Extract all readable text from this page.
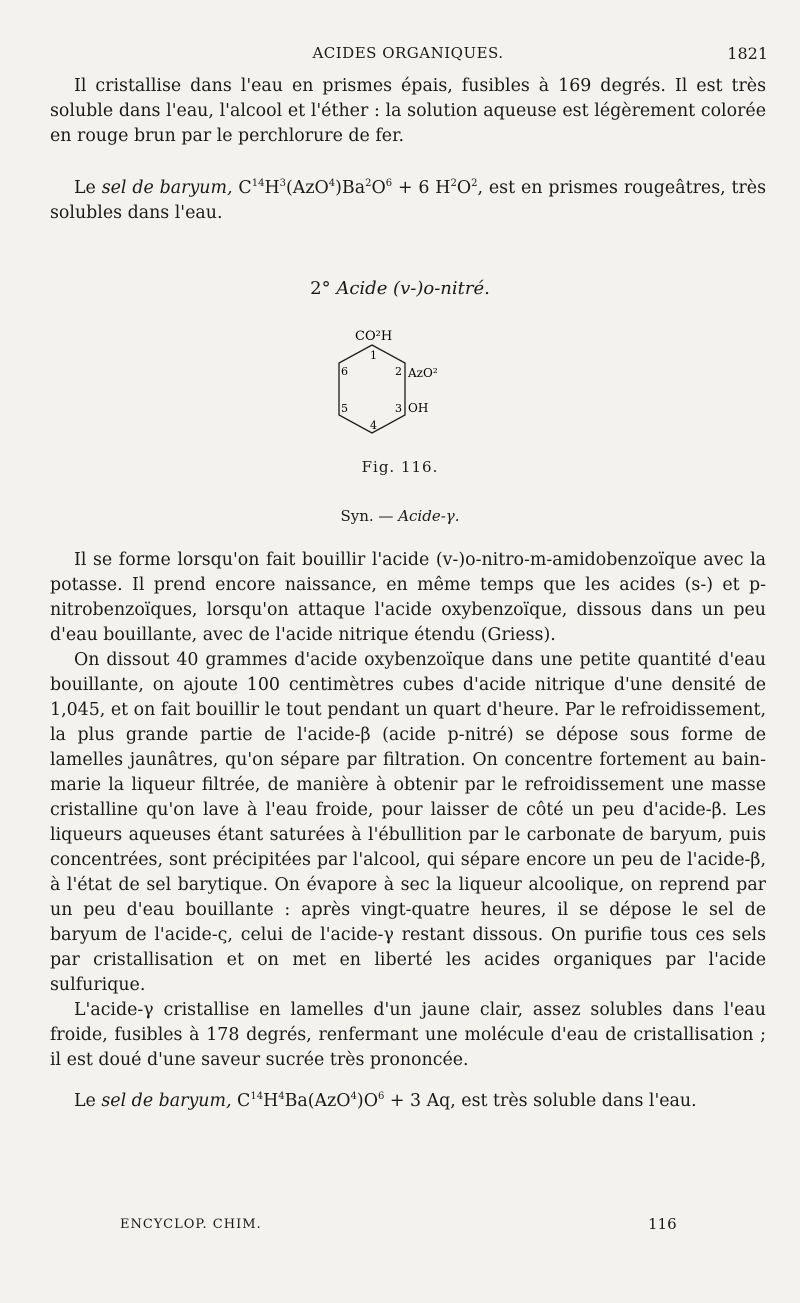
ACIDES ORGANIQUES.	1821

Il cristallise dans l'eau en prismes épais, fusibles à 169 degrés. Il est très soluble dans l'eau, l'alcool et l'éther : la solution aqueuse est légèrement colorée en rouge brun par le perchlorure de fer.

Le sel de baryum, $C^{14}H^3(AzO^4)Ba^2O^6 + 6$ $H^2O^2$, est en prismes rougeâtres, très solubles dans l'eau.

2° Acide (v-)o-nitré.
CO²H
1
2
3
4
5
6	AzO²
OH
Fig. 116.
Syn. — Acide-γ.

Il se forme lorsqu'on fait bouillir l'acide (v-)o-nitro-m-amidobenzoïque avec la potasse. Il prend encore naissance, en même temps que les acides (s-) et p-nitrobenzoïques, lorsqu'on attaque l'acide oxybenzoïque, dissous dans un peu d'eau bouillante, avec de l'acide nitrique étendu (Griess).

On dissout 40 grammes d'acide oxybenzoïque dans une petite quantité d'eau bouillante, on ajoute 100 centimètres cubes d'acide nitrique d'une densité de 1,045, et on fait bouillir le tout pendant un quart d'heure. Par le refroidissement, la plus grande partie de l'acide-β (acide p-nitré) se dépose sous forme de lamelles jaunâtres, qu'on sépare par filtration. On concentre fortement au bain-marie la liqueur filtrée, de manière à obtenir par le refroidissement une masse cristalline qu'on lave à l'eau froide, pour laisser de côté un peu d'acide-β. Les liqueurs aqueuses étant saturées à l'ébullition par le carbonate de baryum, puis concentrées, sont précipitées par l'alcool, qui sépare encore un peu de l'acide-β, à l'état de sel barytique. On évapore à sec la liqueur alcoolique, on reprend par un peu d'eau bouillante : après vingt-quatre heures, il se dépose le sel de baryum de l'acide-ς, celui de l'acide-γ restant dissous. On purifie tous ces sels par cristallisation et on met en liberté les acides organiques par l'acide sulfurique.

L'acide-γ cristallise en lamelles d'un jaune clair, assez solubles dans l'eau froide, fusibles à 178 degrés, renfermant une molécule d'eau de cristallisation ; il est doué d'une saveur sucrée très prononcée.

Le sel de baryum, $C^{14}H^4Ba(AzO^4)O^6 + 3$ Aq, est très soluble dans l'eau.

ENCYCLOP. CHIM.	116
